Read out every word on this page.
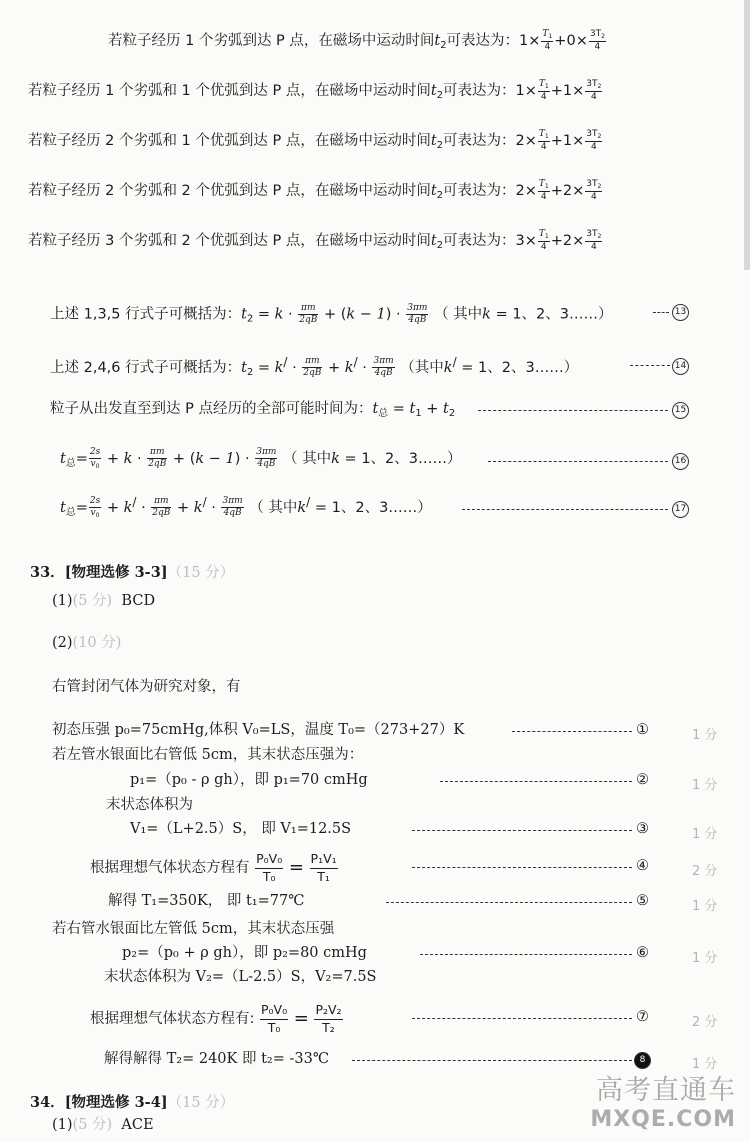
若粒子经历 1 个劣弧到达 P 点，在磁场中运动时间$t_2$可表达为：$1\times \frac{T_1}{4} +0\times \frac{3T_2}{4}$
若粒子经历 1 个劣弧和 1 个优弧到达 P 点，在磁场中运动时间$t_2$可表达为：$1\times \frac{T_1}{4} +1\times \frac{3T_2}{4}$
若粒子经历 2 个劣弧和 1 个优弧到达 P 点，在磁场中运动时间$t_2$可表达为：$2\times \frac{T_1}{4} +1\times \frac{3T_2}{4}$
若粒子经历 2 个劣弧和 2 个优弧到达 P 点，在磁场中运动时间$t_2$可表达为：$2\times \frac{T_1}{4} +2\times \frac{3T_2}{4}$
若粒子经历 3 个劣弧和 2 个优弧到达 P 点，在磁场中运动时间$t_2$可表达为：$3\times \frac{T_1}{4} +2\times \frac{3T_2}{4}$
上述 1,3,5 行式子可概括为：$t_2 = k \cdot \frac{\pi m}{2qB} + (k - 1) \cdot \frac{3\pi m}{4qB}$ （ 其中k = 1、2、3……）	13
上述 2,4,6 行式子可概括为：$t_2 = k^/ \cdot \frac{\pi m}{2qB} + k^/ \cdot \frac{3\pi m}{4qB}$ （其中k/ = 1、2、3……）	14
粒子从出发直至到达 P 点经历的全部可能时间为：$t_总 = t_1 + t_2$	15
$t_总= \frac{2s}{v_0} + k \cdot \frac{\pi m}{2qB} + (k - 1) \cdot \frac{3\pi m}{4qB}$ （ 其中k = 1、2、3……）	16
$t_总= \frac{2s}{v_0} + k^/ \cdot \frac{\pi m}{2qB} + k^/ \cdot \frac{3\pi m}{4qB}$ （ 其中k/ = 1、2、3……）	17
33．[物理选修 3-3]（15 分）
(1)(5 分) BCD
(2)(10 分)
右管封闭气体为研究对象，有
初态压强 p₀=75cmHg,体积 V₀=LS，温度 T₀=（273+27）K	①	1 分
若左管水银面比右管低 5cm，其末状态压强为：
p₁=（p₀ - ρ gh），即 p₁=70 cmHg	②	1 分
末状态体积为
V₁=（L+2.5）S， 即 V₁=12.5S	③	1 分
根据理想气体状态方程有 $\frac{\text{P₀V₀}}{\text{T₀}} = \frac{\text{P₁V₁}}{\text{T₁}}$	④	2 分
解得 T₁=350K， 即 t₁=77℃	⑤	1 分
若右管水银面比左管低 5cm，其末状态压强
p₂=（p₀ + ρ gh），即 p₂=80 cmHg	⑥	1 分
末状态体积为 V₂=（L-2.5）S，V₂=7.5S
根据理想气体状态方程有: $\frac{\text{P₀V₀}}{\text{T₀}} = \frac{\text{P₂V₂}}{\text{T₂}}$	⑦	2 分
解得解得 T₂= 240K 即 t₂= -33℃	8	1 分
34．[物理选修 3-4]（15 分）
(1)(5 分) ACE
高考直通车
MXQE.COM
